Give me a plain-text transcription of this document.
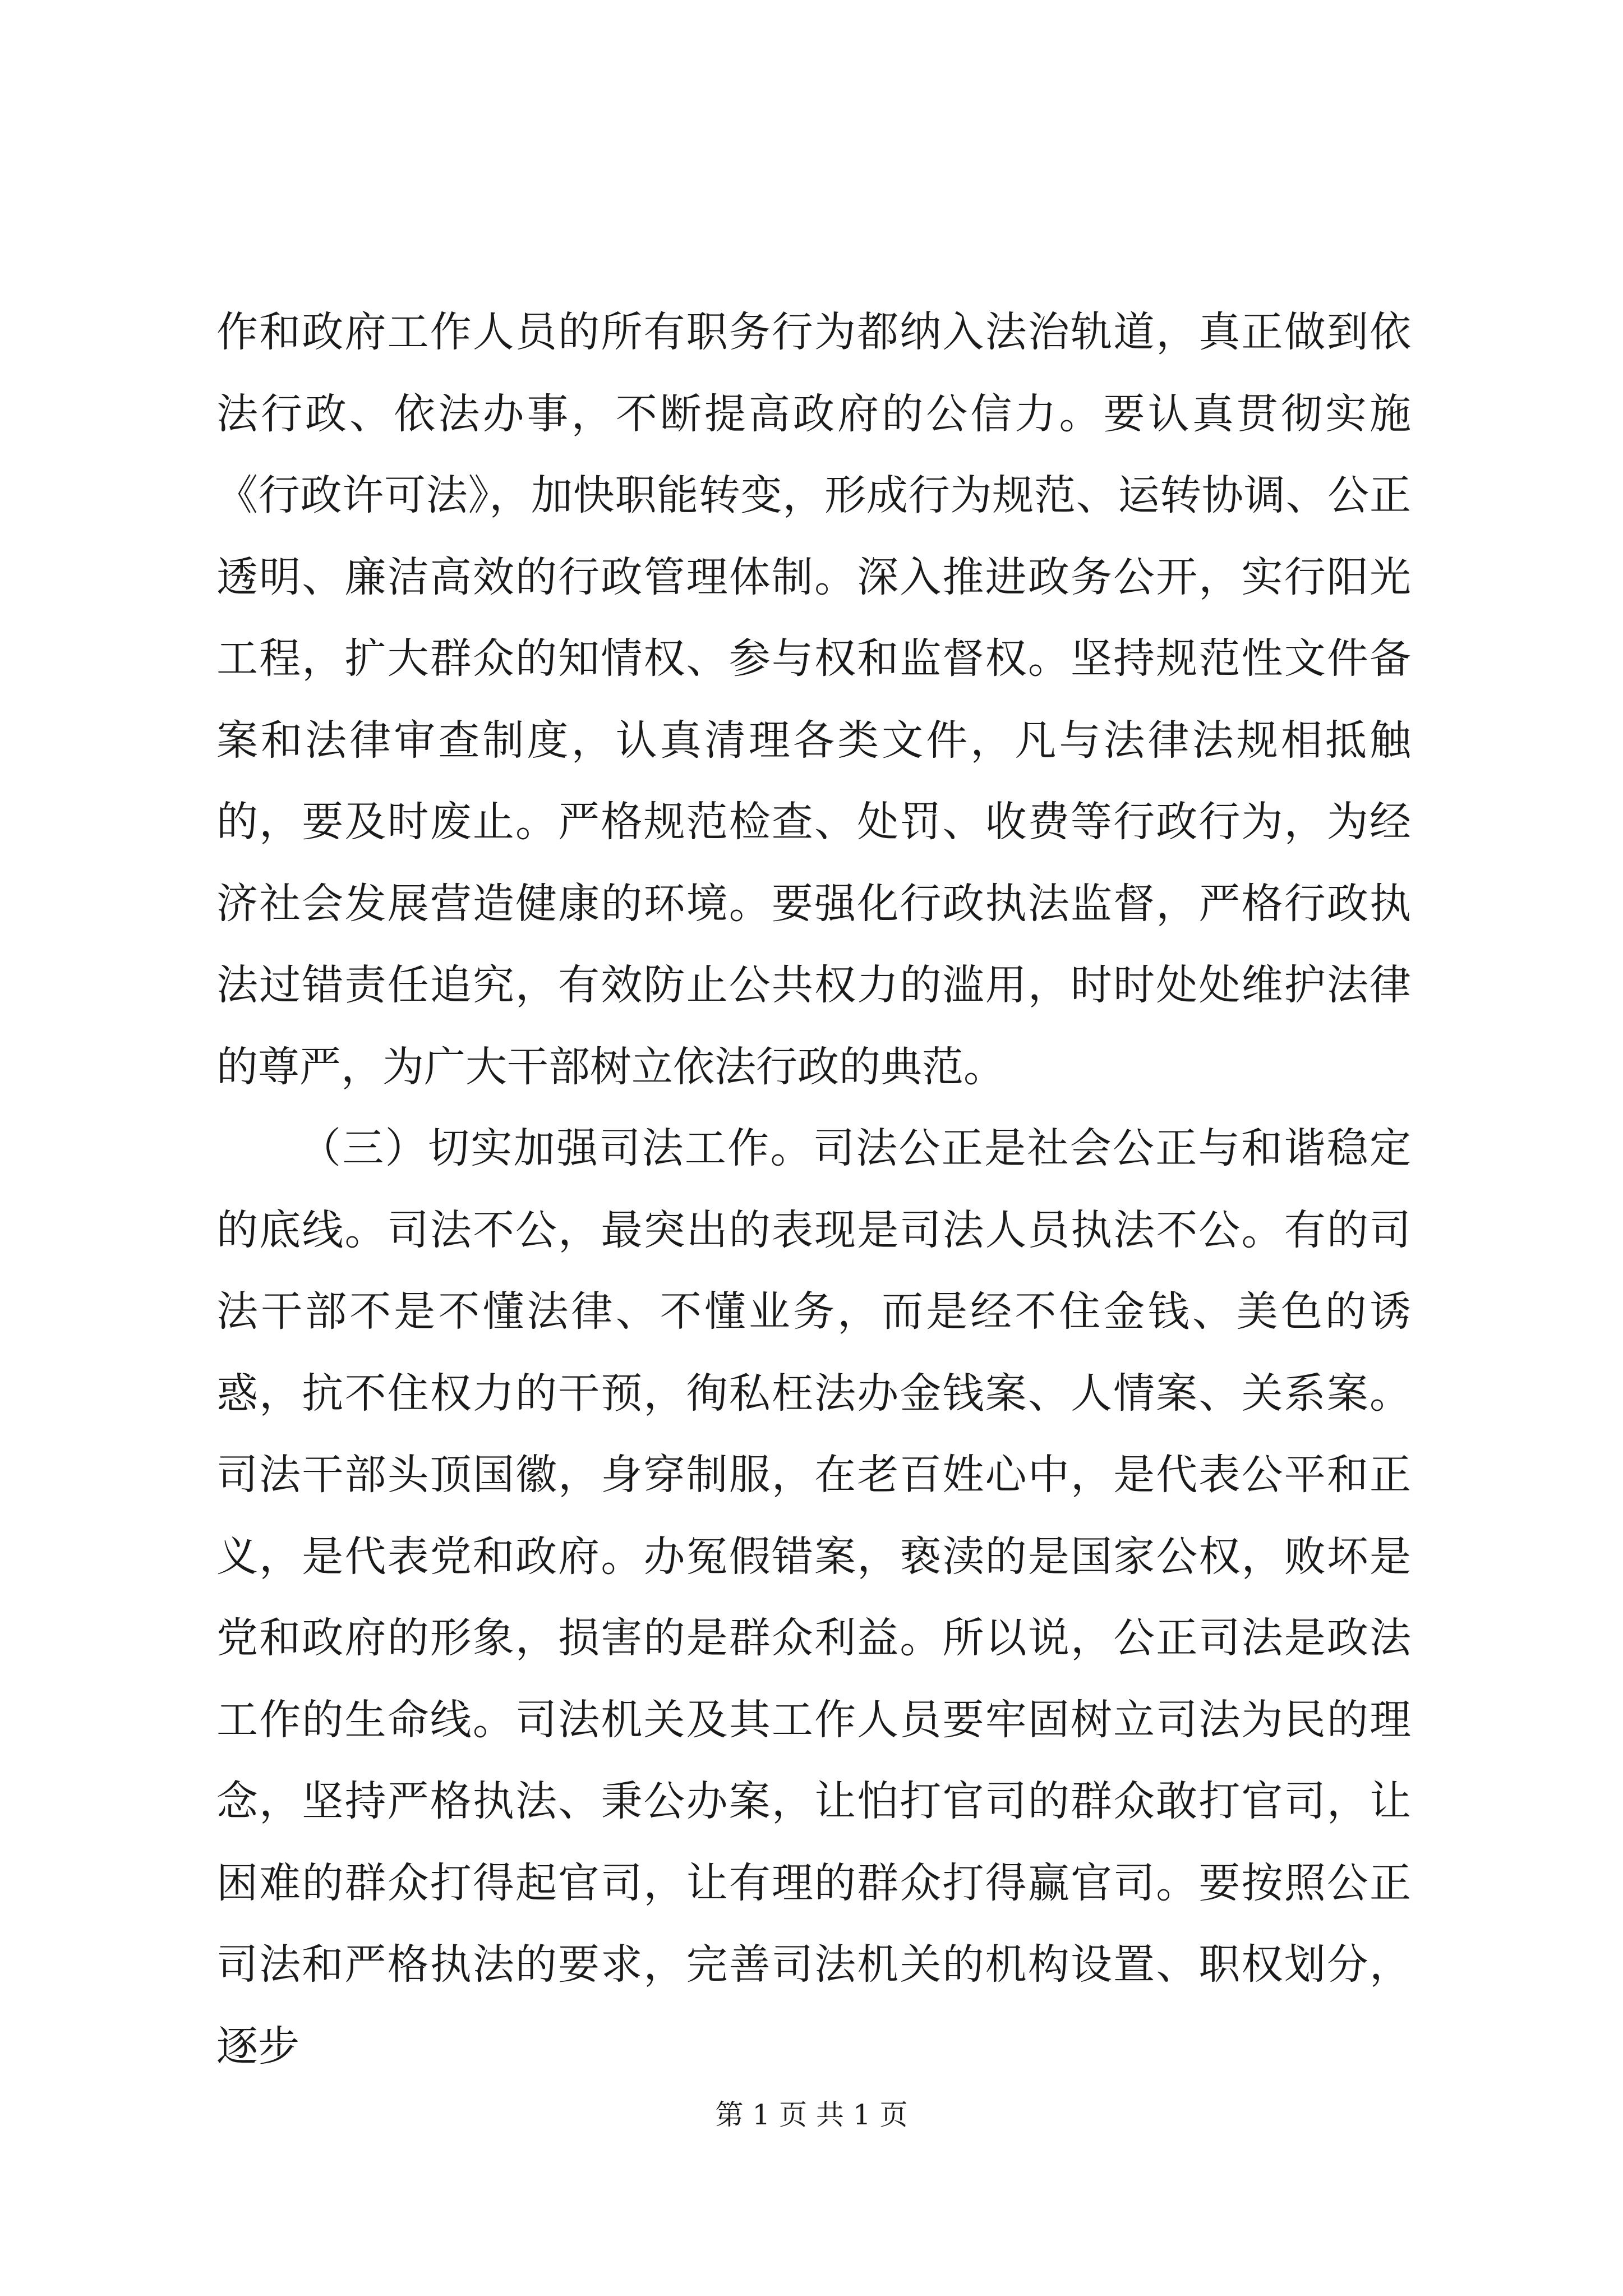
作和政府工作人员的所有职务行为都纳入法治轨道，真正做到依法行政、依法办事，不断提高政府的公信力。要认真贯彻实施《行政许可法》，加快职能转变，形成行为规范、运转协调、公正透明、廉洁高效的行政管理体制。深入推进政务公开，实行阳光工程，扩大群众的知情权、参与权和监督权。坚持规范性文件备案和法律审查制度，认真清理各类文件，凡与法律法规相抵触的，要及时废止。严格规范检查、处罚、收费等行政行为，为经济社会发展营造健康的环境。要强化行政执法监督，严格行政执法过错责任追究，有效防止公共权力的滥用，时时处处维护法律的尊严，为广大干部树立依法行政的典范。

（三）切实加强司法工作。司法公正是社会公正与和谐稳定的底线。司法不公，最突出的表现是司法人员执法不公。有的司法干部不是不懂法律、不懂业务，而是经不住金钱、美色的诱惑，抗不住权力的干预，徇私枉法办金钱案、人情案、关系案。司法干部头顶国徽，身穿制服，在老百姓心中，是代表公平和正义，是代表党和政府。办冤假错案，亵渎的是国家公权，败坏是党和政府的形象，损害的是群众利益。所以说，公正司法是政法工作的生命线。司法机关及其工作人员要牢固树立司法为民的理念，坚持严格执法、秉公办案，让怕打官司的群众敢打官司，让困难的群众打得起官司，让有理的群众打得赢官司。要按照公正司法和严格执法的要求，完善司法机关的机构设置、职权划分，逐步

第 1 页 共 1 页
